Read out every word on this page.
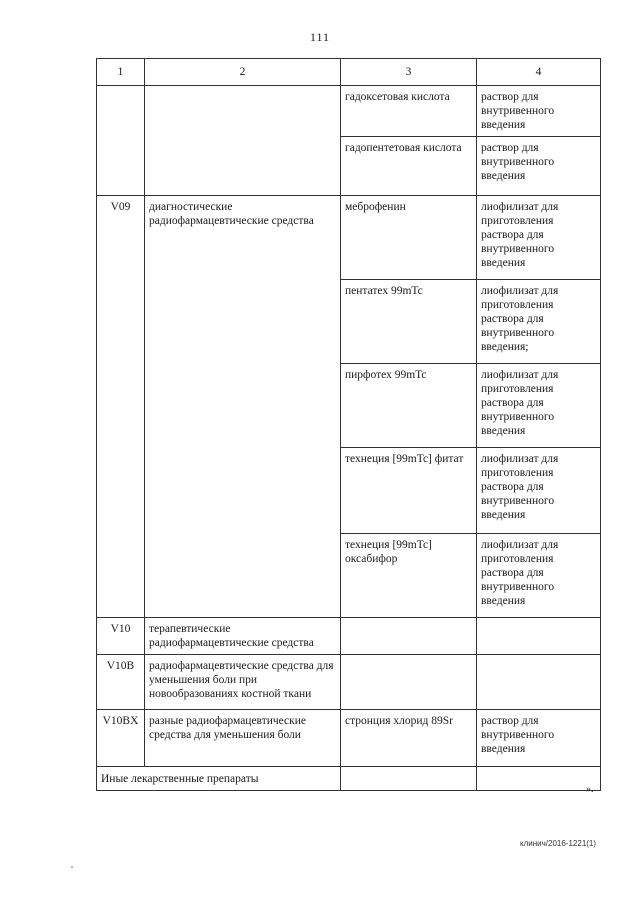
111
1	2	3	4
		гадоксетовая кислота	раствор для внутривенного введения
		гадопентетовая кислота	раствор для внутривенного введения
V09	диагностические радиофармацевтические средства	меброфенин	лиофилизат для приготовления раствора для внутривенного введения
		пентатех 99mTc	лиофилизат для приготовления раствора для внутривенного введения;
		пирфотех 99mTc	лиофилизат для приготовления раствора для внутривенного введения
		технеция [99mTc] фитат	лиофилизат для приготовления раствора для внутривенного введения
		технеция [99mTc] оксабифор	лиофилизат для приготовления раствора для внутривенного введения
V10	терапевтические радиофармацевтические средства		
V10B	радиофармацевтические средства для уменьшения боли при новообразованиях костной ткани		
V10BX	разные радиофармацевтические средства для уменьшения боли	стронция хлорид 89Sr	раствор для внутривенного введения
Иные лекарственные препараты			
».
клинич/2016-1221(1)
